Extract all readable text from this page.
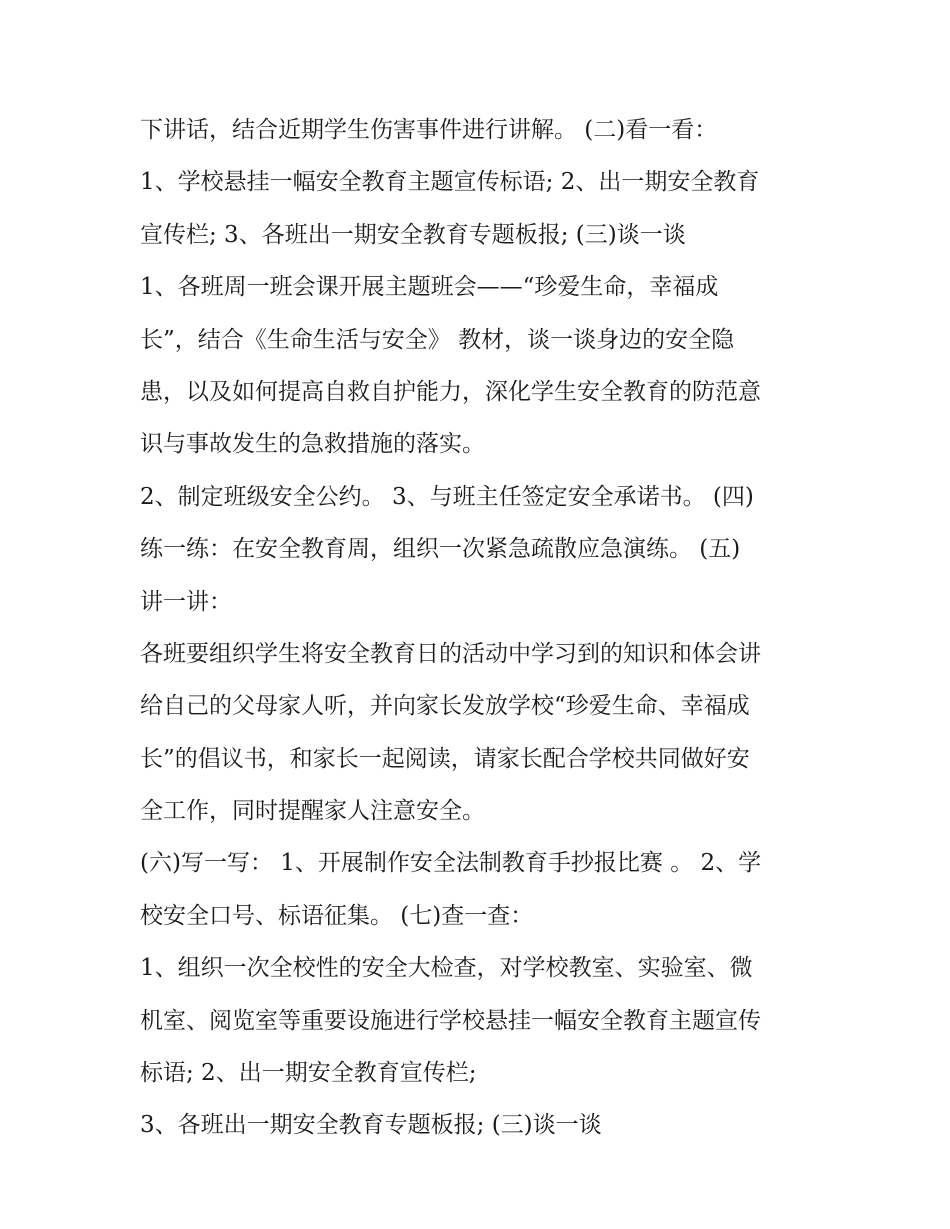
下讲话，结合近期学生伤害事件进行讲解。 (二)看一看：
1、学校悬挂一幅安全教育主题宣传标语; 2、出一期安全教育
宣传栏; 3、各班出一期安全教育专题板报; (三)谈一谈
1、各班周一班会课开展主题班会——“珍爱生命，幸福成
长”，结合《生命生活与安全》 教材，谈一谈身边的安全隐
患，以及如何提高自救自护能力，深化学生安全教育的防范意
识与事故发生的急救措施的落实。
2、制定班级安全公约。 3、与班主任签定安全承诺书。 (四)
练一练：在安全教育周，组织一次紧急疏散应急演练。 (五)
讲一讲：
各班要组织学生将安全教育日的活动中学习到的知识和体会讲
给自己的父母家人听，并向家长发放学校“珍爱生命、幸福成
长”的倡议书，和家长一起阅读，请家长配合学校共同做好安
全工作，同时提醒家人注意安全。
(六)写一写： 1、开展制作安全法制教育手抄报比赛 。 2、学
校安全口号、标语征集。 (七)查一查：
1、组织一次全校性的安全大检查，对学校教室、实验室、微
机室、阅览室等重要设施进行学校悬挂一幅安全教育主题宣传
标语; 2、出一期安全教育宣传栏;
3、各班出一期安全教育专题板报; (三)谈一谈
